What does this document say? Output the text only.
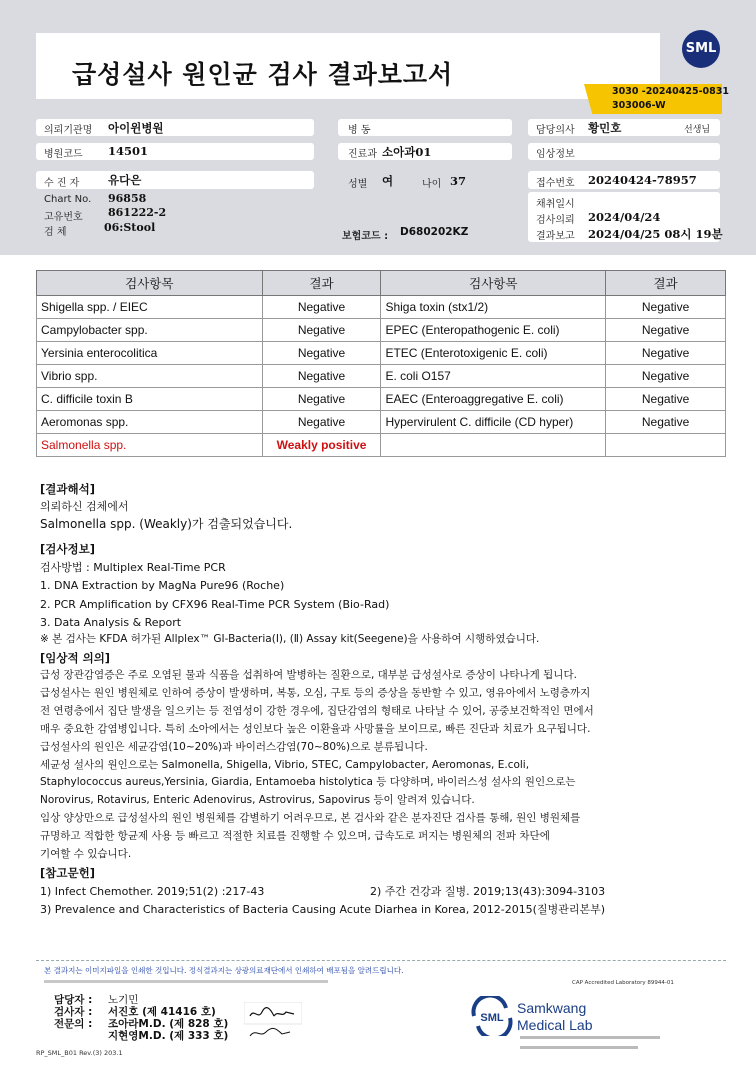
급성설사 원인균 검사 결과보고서
SML
3030 -20240425-0831
303006-W
의뢰기관명 아이윈병원	병 동	담당의사 황민호	선생님
병원코드 14501	진료과 소아과01	임상정보
수 진 자 유다은	성별 여	나이 37	접수번호 20240424-78957
Chart No. 96858
고유번호 861222-2
검 체	06:Stool
보험코드 : D680202KZ
채취일시
검사의뢰 2024/04/24
결과보고 2024/04/25 08시 19분
검사항목	결과	검사항목	결과
Shigella spp. / EIEC	Negative	Shiga toxin (stx1/2)	Negative
Campylobacter spp.	Negative	EPEC (Enteropathogenic E. coli)	Negative
Yersinia enterocolitica	Negative	ETEC (Enterotoxigenic E. coli)	Negative
Vibrio spp.	Negative	E. coli O157	Negative
C. difficile toxin B	Negative	EAEC (Enteroaggregative E. coli)	Negative
Aeromonas spp.	Negative	Hypervirulent C. difficile (CD hyper)	Negative
Salmonella spp.	Weakly positive		
[결과해석]
의뢰하신 검체에서
Salmonella spp. (Weakly)가 검출되었습니다.
[검사정보]
검사방법 : Multiplex Real-Time PCR
1. DNA Extraction by MagNa Pure96 (Roche)
2. PCR Amplification by CFX96 Real-Time PCR System (Bio-Rad)
3. Data Analysis & Report
※ 본 검사는 KFDA 허가된 Allplex™ GI-Bacteria(Ⅰ), (Ⅱ) Assay kit(Seegene)을 사용하여 시행하였습니다.
[임상적 의의]
급성 장관감염증은 주로 오염된 물과 식품을 섭취하여 발병하는 질환으로, 대부분 급성설사로 증상이 나타나게 됩니다.
급성설사는 원인 병원체로 인하여 증상이 발생하며, 복통, 오심, 구토 등의 증상을 동반할 수 있고, 영유아에서 노령층까지
전 연령층에서 집단 발생을 일으키는 등 전염성이 강한 경우에, 집단감염의 형태로 나타날 수 있어, 공중보건학적인 면에서
매우 중요한 감염병입니다. 특히 소아에서는 성인보다 높은 이환율과 사망률을 보이므로, 빠른 진단과 치료가 요구됩니다.
급성설사의 원인은 세균감염(10~20%)과 바이러스감염(70~80%)으로 분류됩니다.
세균성 설사의 원인으로는 Salmonella, Shigella, Vibrio, STEC, Campylobacter, Aeromonas, E.coli,
Staphylococcus aureus,Yersinia, Giardia, Entamoeba histolytica 등 다양하며, 바이러스성 설사의 원인으로는
Norovirus, Rotavirus, Enteric Adenovirus, Astrovirus, Sapovirus 등이 알려져 있습니다.
임상 양상만으로 급성설사의 원인 병원체를 감별하기 어려우므로, 본 검사와 같은 분자진단 검사를 통해, 원인 병원체를
규명하고 적합한 항균제 사용 등 빠르고 적절한 치료를 진행할 수 있으며, 급속도로 퍼지는 병원체의 전파 차단에
기여할 수 있습니다.
[참고문헌]
1) Infect Chemother. 2019;51(2) :217-43	2) 주간 건강과 질병. 2019;13(43):3094-3103
3) Prevalence and Characteristics of Bacteria Causing Acute Diarhea in Korea, 2012-2015(질병관리본부)
본 결과지는 이미지파일을 인쇄한 것입니다. 정식결과지는 상광의료재단에서 인쇄하여 배포됨을 알려드립니다.
CAP Accredited Laboratory 89944-01
담당자 : 노기민
검사자 : 서진호 (제 41416 호)
전문의 : 조아라M.D. (제 828 호)
지현영M.D. (제 333 호)
SML
Samkwang
Medical Lab
RP_SML_B01 Rev.(3) 203.1
